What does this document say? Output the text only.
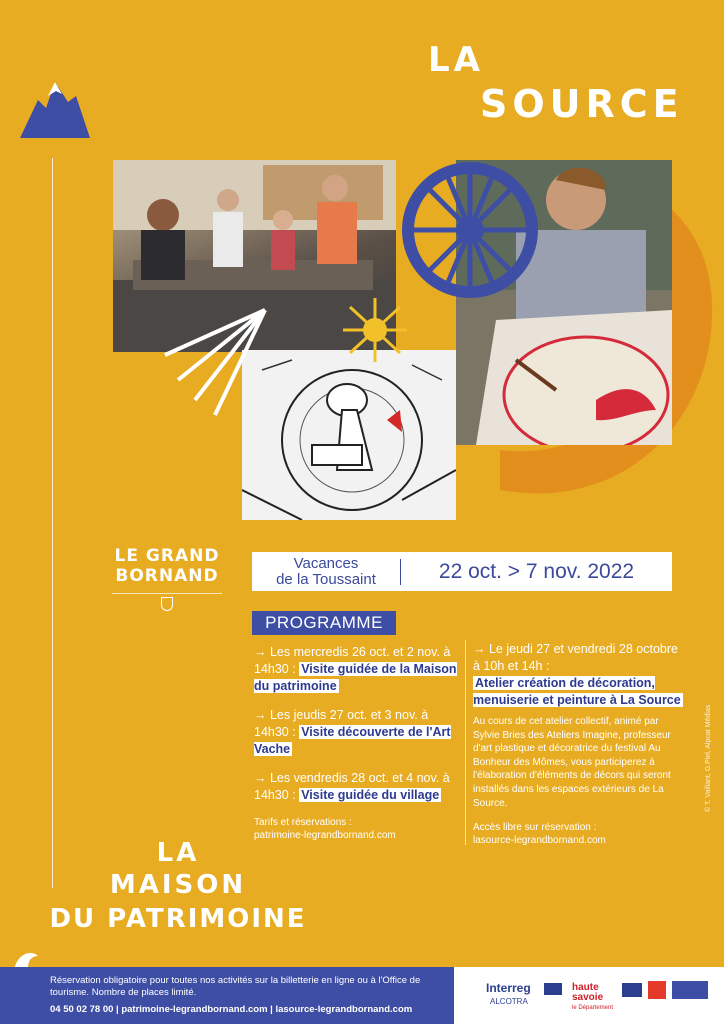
LA
SOURCE
LE GRAND
BORNAND
Vacances
de la Toussaint	22 oct. > 7 nov. 2022
PROGRAMME
→ Les mercredis 26 oct. et 2 nov. à 14h30 : Visite guidée de la Maison du patrimoine
→ Les jeudis 27 oct. et 3 nov. à 14h30 : Visite découverte de l'Art Vache
→ Les vendredis 28 oct. et 4 nov. à 14h30 : Visite guidée du village
Tarifs et réservations :
patrimoine-legrandbornand.com
→ Le jeudi 27 et vendredi 28 octobre à 10h et 14h :
Atelier création de décoration, menuiserie et peinture à La Source
Au cours de cet atelier collectif, animé par Sylvie Bries des Ateliers Imagine, professeur d'art plastique et décoratrice du festival Au Bonheur des Mômes, vous participerez à l'élaboration d'éléments de décors qui seront installés dans les espaces extérieurs de La Source.
Accès libre sur réservation :
lasource-legrandbornand.com
LA
MAISON
DU PATRIMOINE
© T. Vaillant, G.Piel, Alpcat Médias
Réservation obligatoire pour toutes nos activités sur la billetterie en ligne ou à l'Office de tourisme. Nombre de places limité.
04 50 02 78 00 | patrimoine-legrandbornand.com | lasource-legrandbornand.com
Interreg
ALCOTRA
haute savoie
le Département
